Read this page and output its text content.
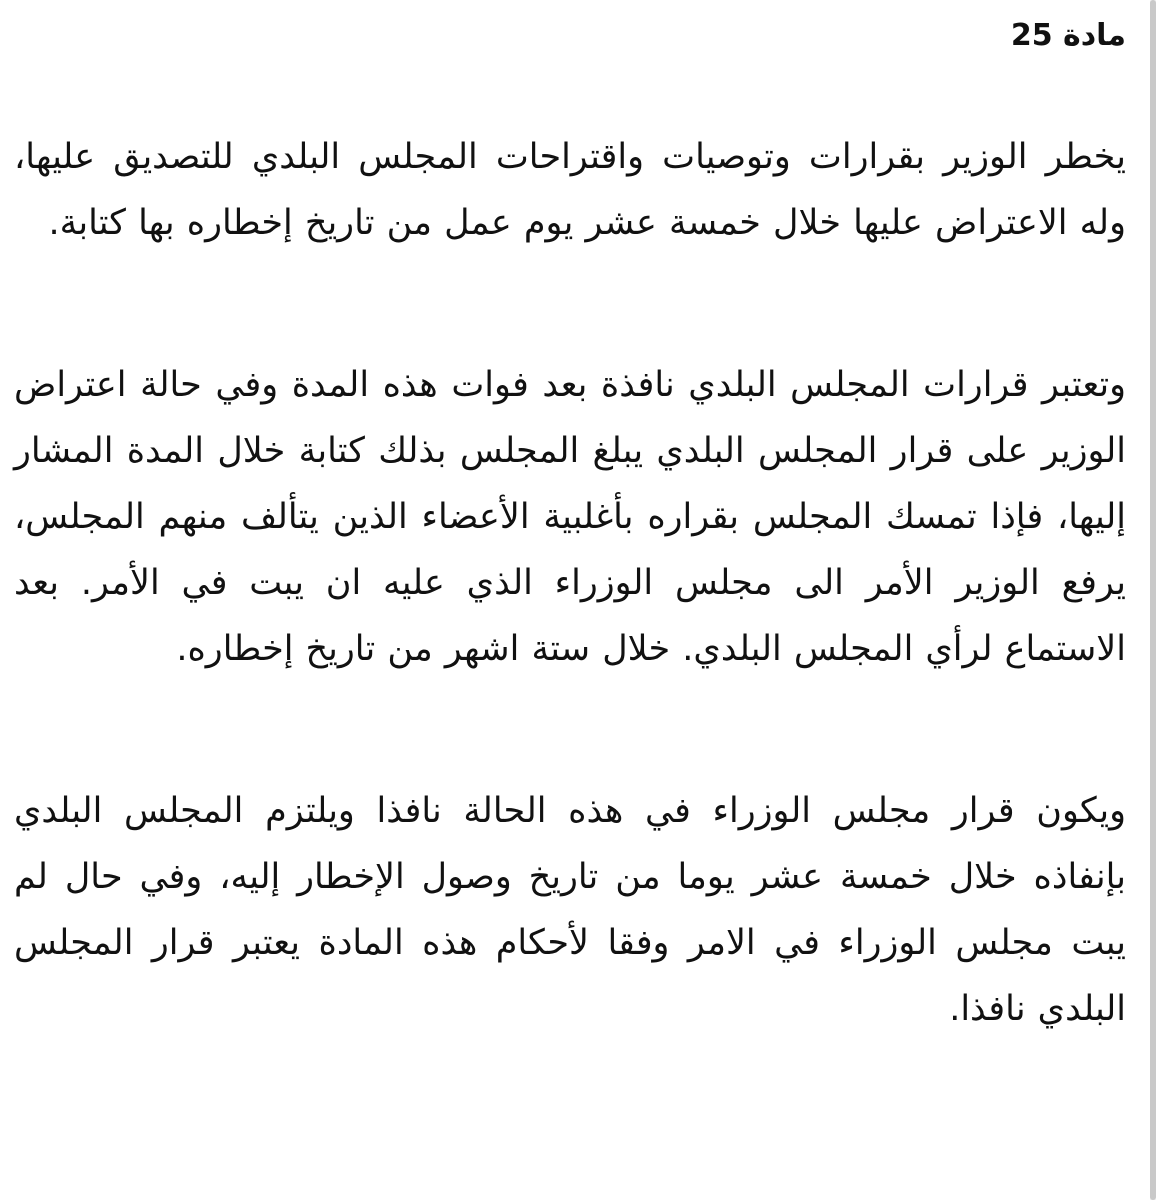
مادة 25

يخطر الوزير بقرارات وتوصيات واقتراحات المجلس البلدي للتصديق عليها، وله الاعتراض عليها خلال خمسة عشر يوم عمل من تاريخ إخطاره بها كتابة.

وتعتبر قرارات المجلس البلدي نافذة بعد فوات هذه المدة وفي حالة اعتراض الوزير على قرار المجلس البلدي يبلغ المجلس بذلك كتابة خلال المدة المشار إليها، فإذا تمسك المجلس بقراره بأغلبية الأعضاء الذين يتألف منهم المجلس، يرفع الوزير الأمر الى مجلس الوزراء الذي عليه ان يبت في الأمر. بعد الاستماع لرأي المجلس البلدي. خلال ستة اشهر من تاريخ إخطاره.

ويكون قرار مجلس الوزراء في هذه الحالة نافذا ويلتزم المجلس البلدي بإنفاذه خلال خمسة عشر يوما من تاريخ وصول الإخطار إليه، وفي حال لم يبت مجلس الوزراء في الامر وفقا لأحكام هذه المادة يعتبر قرار المجلس البلدي نافذا.
